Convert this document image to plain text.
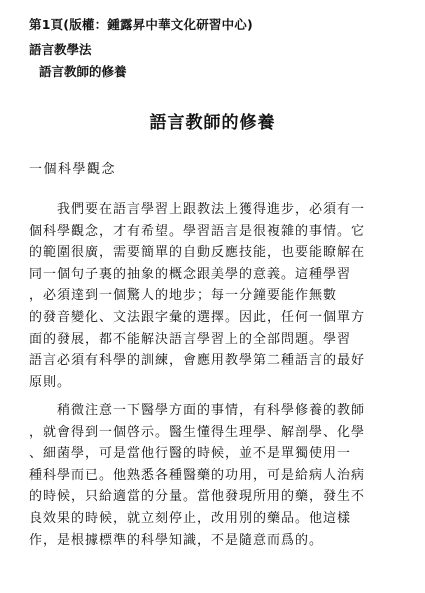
第1頁(版權：鍾露昇中華文化研習中心)
語言教學法
語言教師的修養
語言教師的修養
一個科學觀念
　　我們要在語言學習上跟教法上獲得進步，必須有一
個科學觀念，才有希望。學習語言是很複雜的事情。它
的範圍很廣，需要簡單的自動反應技能，也要能瞭解在
同一個句子裏的抽象的概念跟美學的意義。這種學習
，必須達到一個驚人的地步；每一分鐘要能作無數
的發音變化、文法跟字彙的選擇。因此，任何一個單方
面的發展，都不能解決語言學習上的全部問題。學習
語言必須有科學的訓練，會應用教學第二種語言的最好
原則。
　　稍微注意一下醫學方面的事情，有科學修養的教師
，就會得到一個啓示。醫生懂得生理學、解剖學、化學
、細菌學，可是當他行醫的時候，並不是單獨使用一
種科學而已。他熟悉各種醫藥的功用，可是給病人治病
的時候，只給適當的分量。當他發現所用的藥，發生不
良效果的時候，就立刻停止，改用別的藥品。他這樣
作，是根據標準的科學知識，不是隨意而爲的。
